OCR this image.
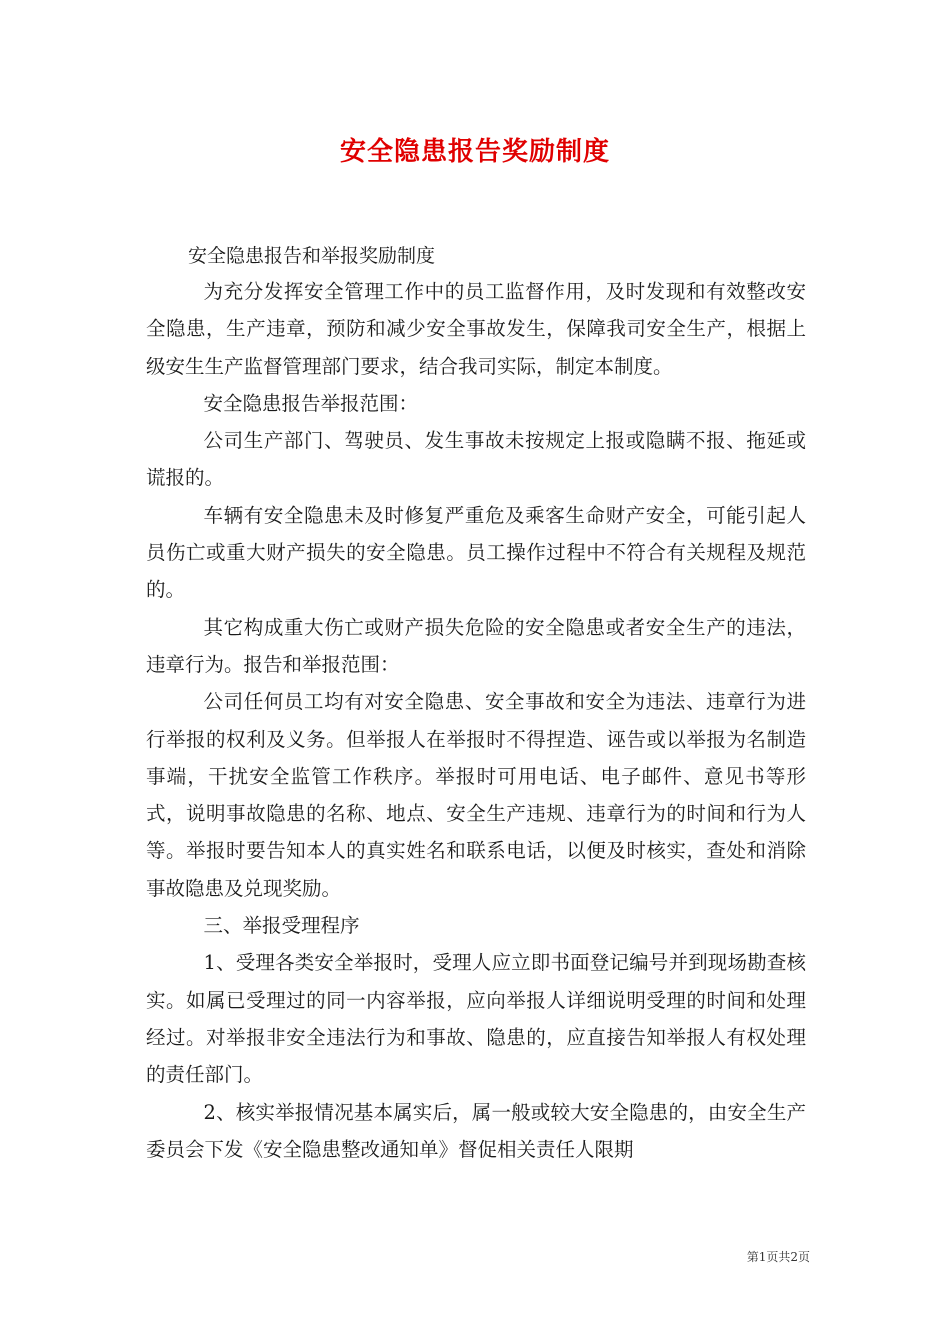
安全隐患报告奖励制度
安全隐患报告和举报奖励制度

为充分发挥安全管理工作中的员工监督作用，及时发现和有效整改安全隐患，生产违章，预防和减少安全事故发生，保障我司安全生产，根据上级安生生产监督管理部门要求，结合我司实际，制定本制度。

安全隐患报告举报范围：

公司生产部门、驾驶员、发生事故未按规定上报或隐瞒不报、拖延或谎报的。

车辆有安全隐患未及时修复严重危及乘客生命财产安全，可能引起人员伤亡或重大财产损失的安全隐患。员工操作过程中不符合有关规程及规范的。

其它构成重大伤亡或财产损失危险的安全隐患或者安全生产的违法，违章行为。报告和举报范围：

公司任何员工均有对安全隐患、安全事故和安全为违法、违章行为进行举报的权利及义务。但举报人在举报时不得捏造、诬告或以举报为名制造事端，干扰安全监管工作秩序。举报时可用电话、电子邮件、意见书等形式，说明事故隐患的名称、地点、安全生产违规、违章行为的时间和行为人等。举报时要告知本人的真实姓名和联系电话，以便及时核实，查处和消除事故隐患及兑现奖励。

三、举报受理程序

1、受理各类安全举报时，受理人应立即书面登记编号并到现场勘查核实。如属已受理过的同一内容举报，应向举报人详细说明受理的时间和处理经过。对举报非安全违法行为和事故、隐患的，应直接告知举报人有权处理的责任部门。

2、核实举报情况基本属实后，属一般或较大安全隐患的，由安全生产委员会下发《安全隐患整改通知单》督促相关责任人限期

第1页共2页
